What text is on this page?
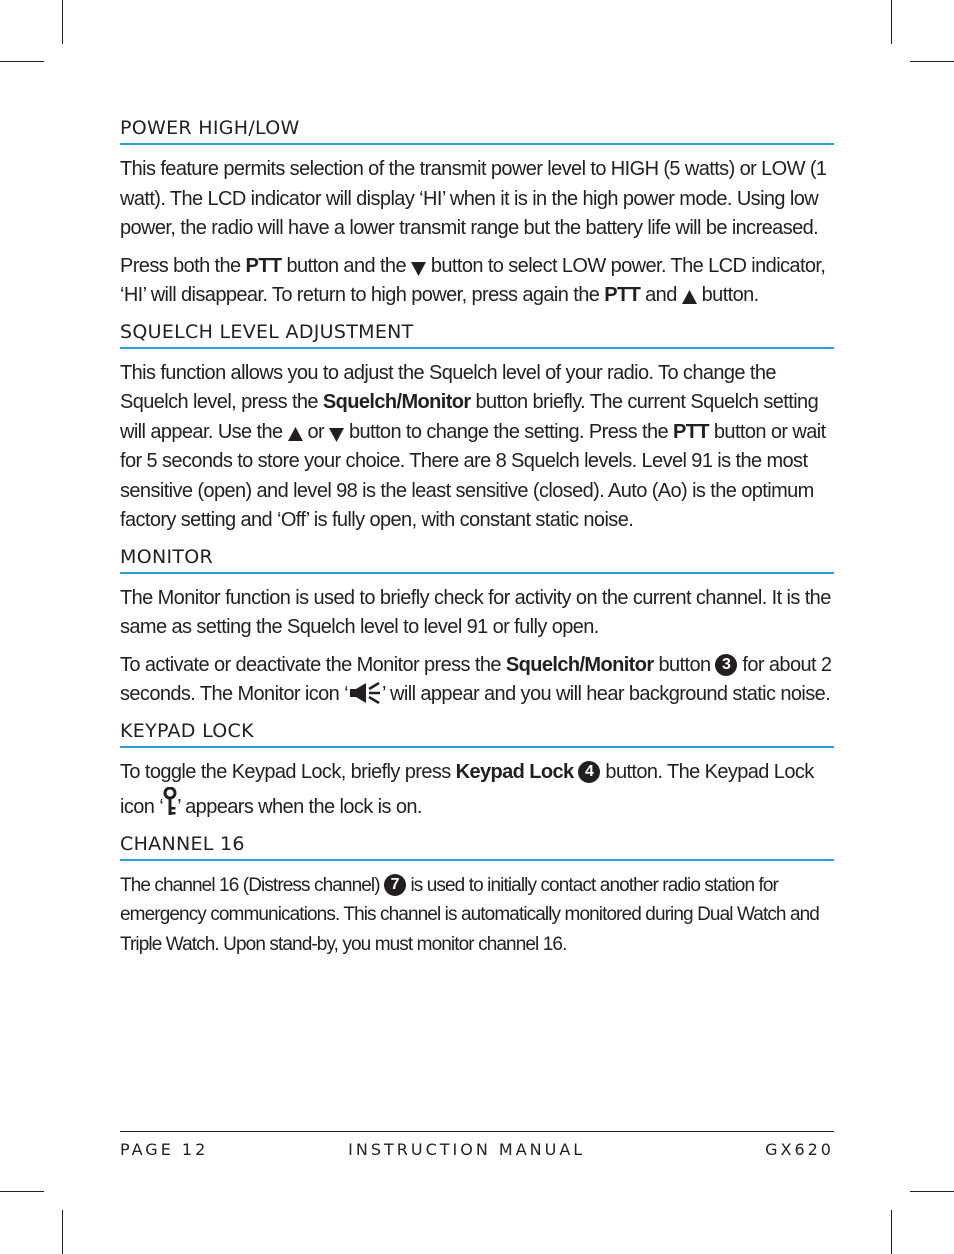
POWER HIGH/LOW

This feature permits selection of the transmit power level to HIGH (5 watts) or LOW (1 watt). The LCD indicator will display ‘HI’ when it is in the high power mode. Using low power, the radio will have a lower transmit range but the battery life will be increased.

Press both the PTT button and the  button to select LOW power. The LCD indicator, ‘HI’ will disappear. To return to high power, press again the PTT and  button.

SQUELCH LEVEL ADJUSTMENT

This function allows you to adjust the Squelch level of your radio. To change the Squelch level, press the Squelch/Monitor button briefly. The current Squelch setting will appear. Use the  or  button to change the setting. Press the PTT button or wait for 5 seconds to store your choice. There are 8 Squelch levels. Level 91 is the most sensitive (open) and level 98 is the least sensitive (closed). Auto (Ao) is the optimum factory setting and ‘Off’ is fully open, with constant static noise.

MONITOR

The Monitor function is used to briefly check for activity on the current channel. It is the same as setting the Squelch level to level 91 or fully open.

To activate or deactivate the Monitor press the Squelch/Monitor button 3 for about 2 seconds. The Monitor icon ‘ ’ will appear and you will hear background static noise.

KEYPAD LOCK

To toggle the Keypad Lock, briefly press Keypad Lock 4 button. The Keypad Lock icon ‘ ’ appears when the lock is on.

CHANNEL 16

The channel 16 (Distress channel) 7 is used to initially contact another radio station for emergency communications. This channel is automatically monitored during Dual Watch and Triple Watch. Upon stand-by, you must monitor channel 16.

PAGE 12	INSTRUCTION MANUAL	GX620
